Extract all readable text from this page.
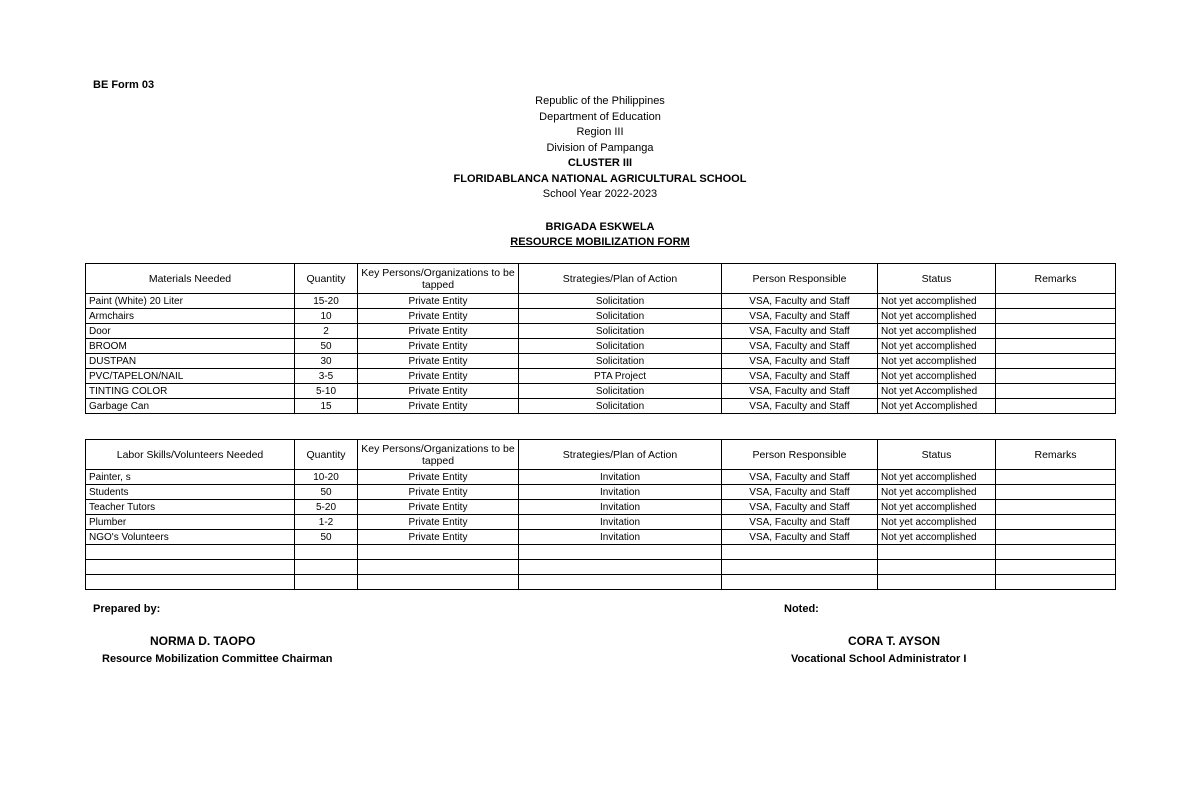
BE Form 03
Republic of the Philippines
Department of Education
Region III
Division of Pampanga
CLUSTER III
FLORIDABLANCA NATIONAL AGRICULTURAL SCHOOL
School Year 2022-2023
BRIGADA ESKWELA
RESOURCE MOBILIZATION FORM
Materials Needed	Quantity	Key Persons/Organizations to be tapped	Strategies/Plan of Action	Person Responsible	Status	Remarks
Paint (White) 20 Liter	15-20	Private Entity	Solicitation	VSA, Faculty and Staff	Not yet accomplished	
Armchairs	10	Private Entity	Solicitation	VSA, Faculty and Staff	Not yet accomplished	
Door	2	Private Entity	Solicitation	VSA, Faculty and Staff	Not yet accomplished	
BROOM	50	Private Entity	Solicitation	VSA, Faculty and Staff	Not yet accomplished	
DUSTPAN	30	Private Entity	Solicitation	VSA, Faculty and Staff	Not yet accomplished	
PVC/TAPELON/NAIL	3-5	Private Entity	PTA Project	VSA, Faculty and Staff	Not yet accomplished	
TINTING COLOR	5-10	Private Entity	Solicitation	VSA, Faculty and Staff	Not yet Accomplished	
Garbage Can	15	Private Entity	Solicitation	VSA, Faculty and Staff	Not yet Accomplished	
Labor Skills/Volunteers Needed	Quantity	Key Persons/Organizations to be tapped	Strategies/Plan of Action	Person Responsible	Status	Remarks
Painter, s	10-20	Private Entity	Invitation	VSA, Faculty and Staff	Not yet accomplished	
Students	50	Private Entity	Invitation	VSA, Faculty and Staff	Not yet accomplished	
Teacher Tutors	5-20	Private Entity	Invitation	VSA, Faculty and Staff	Not yet accomplished	
Plumber	1-2	Private Entity	Invitation	VSA, Faculty and Staff	Not yet accomplished	
NGO's Volunteers	50	Private Entity	Invitation	VSA, Faculty and Staff	Not yet accomplished	

Prepared by:
NORMA D. TAOPO
Resource Mobilization Committee Chairman
Noted:
CORA T. AYSON
Vocational School Administrator I
